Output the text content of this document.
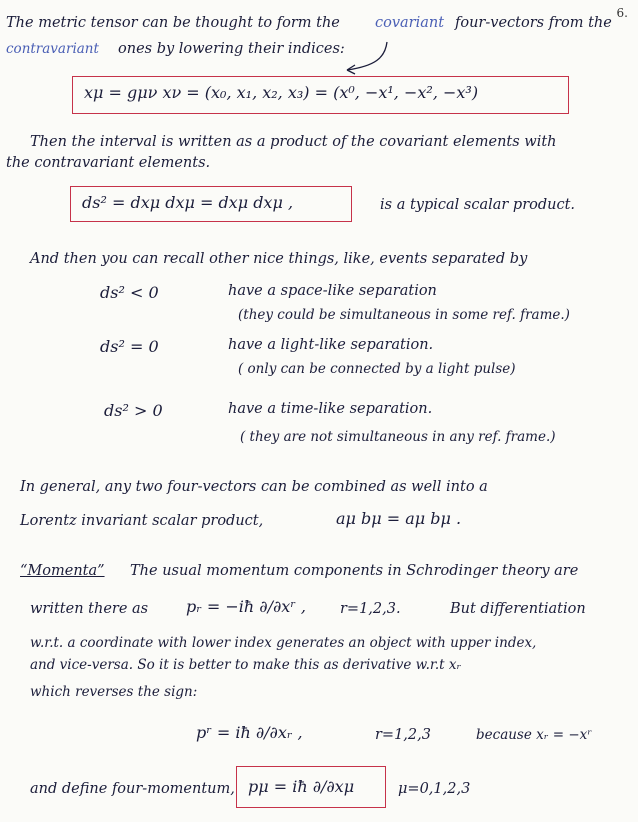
6.
The metric tensor can be thought to form the covariant four-vectors from the
contravariant ones by lowering their indices:
xμ = gμν xν = (x₀, x₁, x₂, x₃) = (x⁰, −x¹, −x², −x³)
Then the interval is written as a product of the covariant elements with
the contravariant elements.
ds² = dxμ dxμ = dxμ dxμ ,	is a typical scalar product.
And then you can recall other nice things, like, events separated by
ds² < 0	have a space-like separation
(they could be simultaneous in some ref. frame.)
ds² = 0	have a light-like separation.
( only can be connected by a light pulse)
ds² > 0	have a time-like separation.
( they are not simultaneous in any ref. frame.)
In general, any two four-vectors can be combined as well into a
Lorentz invariant scalar product,	aμ bμ = aμ bμ .
“Momenta” The usual momentum components in Schrodinger theory are
written there as pᵣ = −iħ ∂/∂xʳ , r=1,2,3.	But differentiation
w.r.t. a coordinate with lower index generates an object with upper index,
and vice-versa. So it is better to make this as derivative w.r.t xᵣ
which reverses the sign:
pʳ = iħ ∂/∂xᵣ ,	r=1,2,3	because xᵣ = −xʳ
and define four-momentum, pμ = iħ ∂/∂xμ	μ=0,1,2,3
